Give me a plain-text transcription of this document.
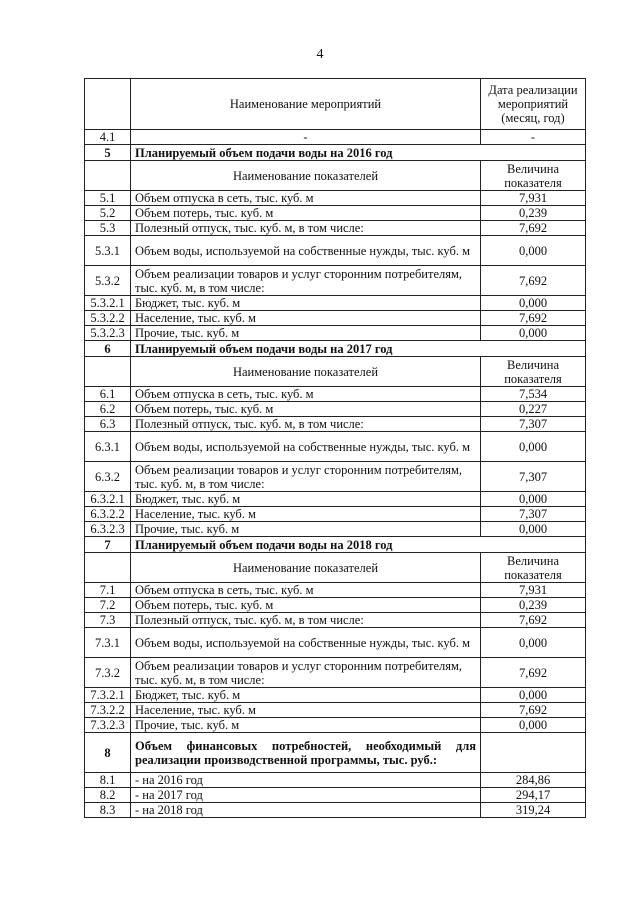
4
	Наименование мероприятий	Дата реализации мероприятий (месяц, год)
4.1	-	-
5	Планируемый объем подачи воды на 2016 год	
	Наименование показателей	Величина показателя
5.1	Объем отпуска в сеть, тыс. куб. м	7,931
5.2	Объем потерь, тыс. куб. м	0,239
5.3	Полезный отпуск, тыс. куб. м, в том числе:	7,692
5.3.1	Объем воды, используемой на собственные нужды, тыс. куб. м	0,000
5.3.2	Объем реализации товаров и услуг сторонним потребителям, тыс. куб. м, в том числе:	7,692
5.3.2.1	Бюджет, тыс. куб. м	0,000
5.3.2.2	Население, тыс. куб. м	7,692
5.3.2.3	Прочие, тыс. куб. м	0,000
6	Планируемый объем подачи воды на 2017 год	
	Наименование показателей	Величина показателя
6.1	Объем отпуска в сеть, тыс. куб. м	7,534
6.2	Объем потерь, тыс. куб. м	0,227
6.3	Полезный отпуск, тыс. куб. м, в том числе:	7,307
6.3.1	Объем воды, используемой на собственные нужды, тыс. куб. м	0,000
6.3.2	Объем реализации товаров и услуг сторонним потребителям, тыс. куб. м, в том числе:	7,307
6.3.2.1	Бюджет, тыс. куб. м	0,000
6.3.2.2	Население, тыс. куб. м	7,307
6.3.2.3	Прочие, тыс. куб. м	0,000
7	Планируемый объем подачи воды на 2018 год	
	Наименование показателей	Величина показателя
7.1	Объем отпуска в сеть, тыс. куб. м	7,931
7.2	Объем потерь, тыс. куб. м	0,239
7.3	Полезный отпуск, тыс. куб. м, в том числе:	7,692
7.3.1	Объем воды, используемой на собственные нужды, тыс. куб. м	0,000
7.3.2	Объем реализации товаров и услуг сторонним потребителям, тыс. куб. м, в том числе:	7,692
7.3.2.1	Бюджет, тыс. куб. м	0,000
7.3.2.2	Население, тыс. куб. м	7,692
7.3.2.3	Прочие, тыс. куб. м	0,000
8	Объем финансовых потребностей, необходимый для реализации производственной программы, тыс. руб.:	
8.1	- на 2016 год	284,86
8.2	- на 2017 год	294,17
8.3	- на 2018 год	319,24
